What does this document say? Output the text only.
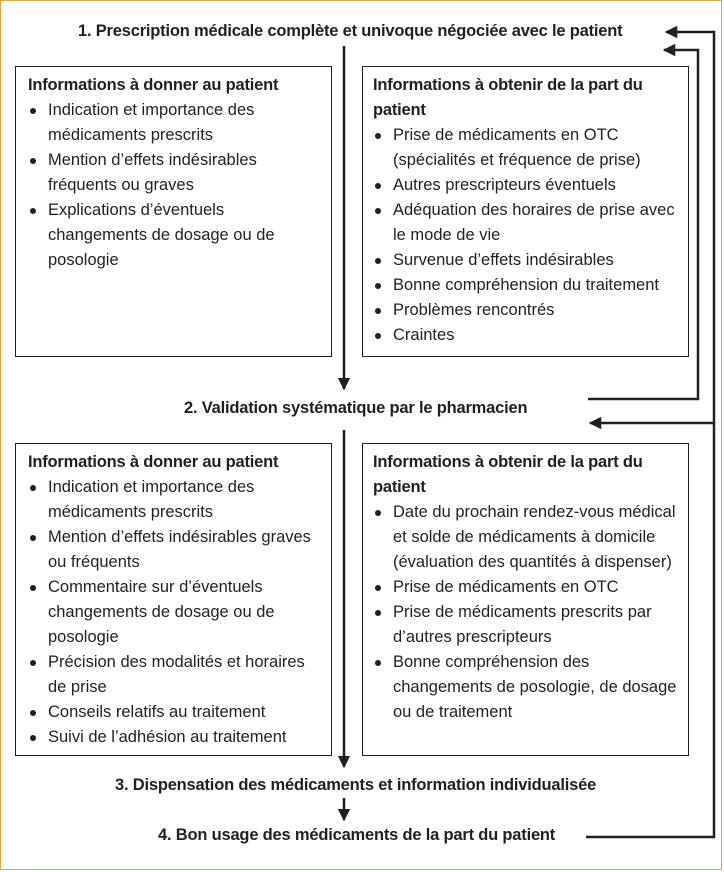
1. Prescription médicale complète et univoque négociée avec le patient
2. Validation systématique par le pharmacien
3. Dispensation des médicaments et information individualisée
4. Bon usage des médicaments de la part du patient
Informations à donner au patient
Indication et importance des médicaments prescrits
Mention d’effets indésirables fréquents ou graves
Explications d’éventuels changements de dosage ou de posologie
Informations à obtenir de la part du patient
Prise de médicaments en OTC (spécialités et fréquence de prise)
Autres prescripteurs éventuels
Adéquation des horaires de prise avec le mode de vie
Survenue d’effets indésirables
Bonne compréhension du traitement
Problèmes rencontrés
Craintes
Informations à donner au patient
Indication et importance des médicaments prescrits
Mention d’effets indésirables graves ou fréquents
Commentaire sur d’éventuels changements de dosage ou de posologie
Précision des modalités et horaires de prise
Conseils relatifs au traitement
Suivi de l’adhésion au traitement
Informations à obtenir de la part du patient
Date du prochain rendez-vous médical et solde de médicaments à domicile (évaluation des quantités à dispenser)
Prise de médicaments en OTC
Prise de médicaments prescrits par d’autres prescripteurs
Bonne compréhension des changements de posologie, de dosage ou de traitement
